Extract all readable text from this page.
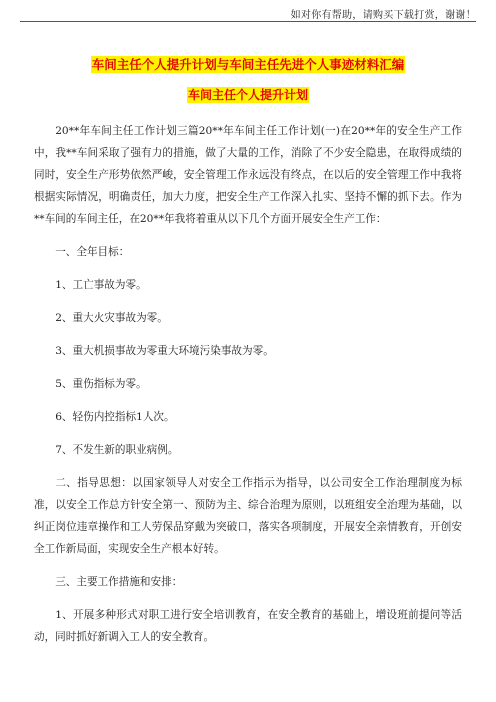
如对你有帮助，请购买下载打赏，谢谢！
车间主任个人提升计划与车间主任先进个人事迹材料汇编
车间主任个人提升计划

20**年车间主任工作计划三篇20**年车间主任工作计划(一)在20**年的安全生产工作中，我**车间采取了强有力的措施，做了大量的工作，消除了不少安全隐患，在取得成绩的同时，安全生产形势依然严峻，安全管理工作永远没有终点，在以后的安全管理工作中我将根据实际情况，明确责任，加大力度，把安全生产工作深入扎实、坚持不懈的抓下去。作为**车间的车间主任，在20**年我将着重从以下几个方面开展安全生产工作：

一、全年目标：

1、工亡事故为零。

2、重大火灾事故为零。

3、重大机损事故为零重大环境污染事故为零。

5、重伤指标为零。

6、轻伤内控指标1人次。

7、不发生新的职业病例。

二、指导思想：以国家领导人对安全工作指示为指导，以公司安全工作治理制度为标准，以安全工作总方针安全第一、预防为主、综合治理为原则，以班组安全治理为基础，以纠正岗位违章操作和工人劳保品穿戴为突破口，落实各项制度，开展安全亲情教育，开创安全工作新局面，实现安全生产根本好转。

三、主要工作措施和安排：

1、开展多种形式对职工进行安全培训教育，在安全教育的基础上，增设班前提问等活动，同时抓好新调入工人的安全教育。
